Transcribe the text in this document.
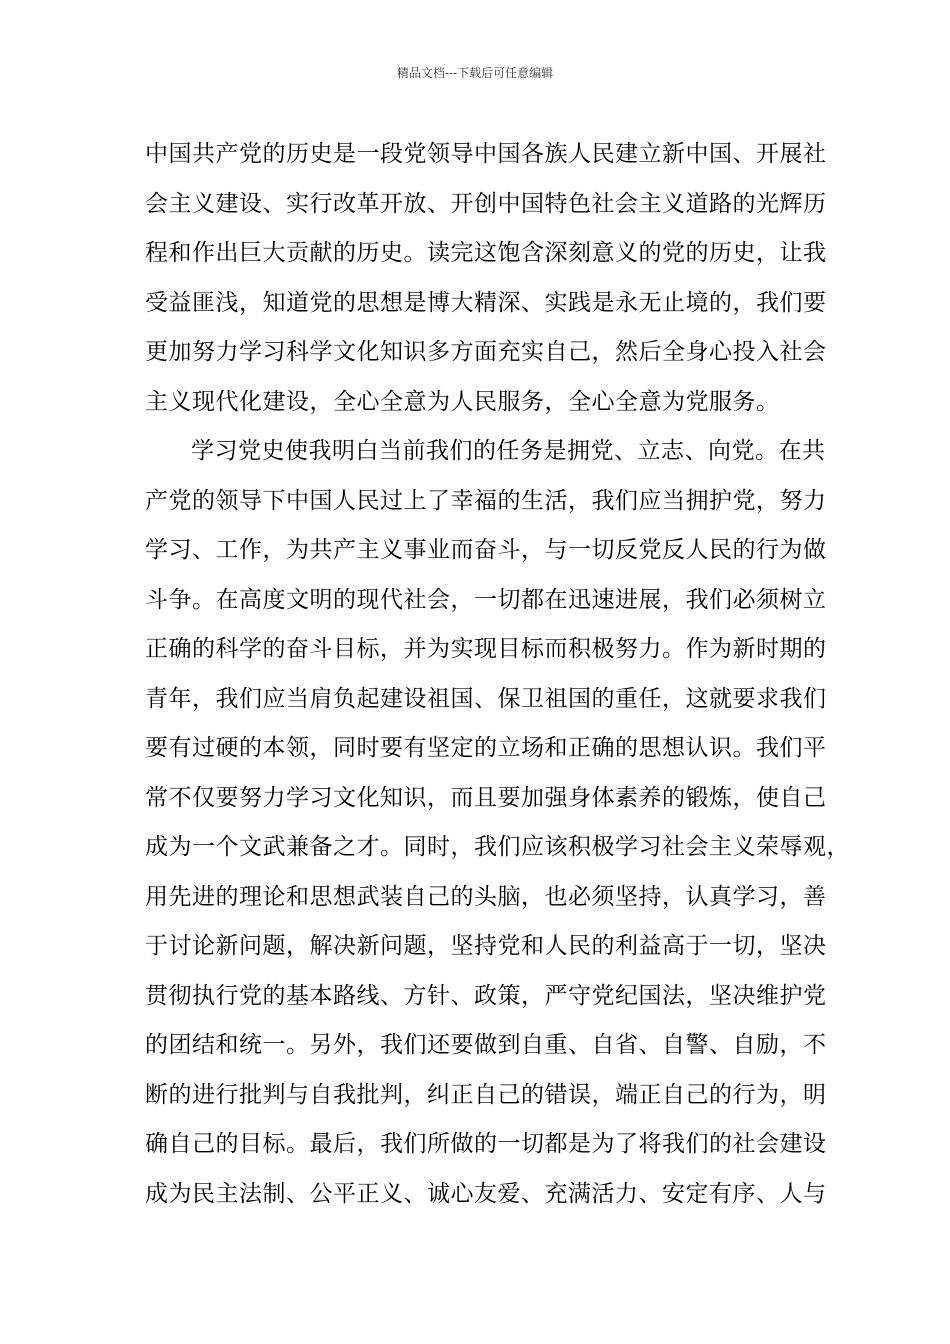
精品文档---下载后可任意编辑
中国共产党的历史是一段党领导中国各族人民建立新中国、开展社
会主义建设、实行改革开放、开创中国特色社会主义道路的光辉历
程和作出巨大贡献的历史。读完这饱含深刻意义的党的历史，让我
受益匪浅，知道党的思想是博大精深、实践是永无止境的，我们要
更加努力学习科学文化知识多方面充实自己，然后全身心投入社会
主义现代化建设，全心全意为人民服务，全心全意为党服务。
学习党史使我明白当前我们的任务是拥党、立志、向党。在共
产党的领导下中国人民过上了幸福的生活，我们应当拥护党，努力
学习、工作，为共产主义事业而奋斗，与一切反党反人民的行为做
斗争。在高度文明的现代社会，一切都在迅速进展，我们必须树立
正确的科学的奋斗目标，并为实现目标而积极努力。作为新时期的
青年，我们应当肩负起建设祖国、保卫祖国的重任，这就要求我们
要有过硬的本领，同时要有坚定的立场和正确的思想认识。我们平
常不仅要努力学习文化知识，而且要加强身体素养的锻炼，使自己
成为一个文武兼备之才。同时，我们应该积极学习社会主义荣辱观，
用先进的理论和思想武装自己的头脑，也必须坚持，认真学习，善
于讨论新问题，解决新问题，坚持党和人民的利益高于一切，坚决
贯彻执行党的基本路线、方针、政策，严守党纪国法，坚决维护党
的团结和统一。另外，我们还要做到自重、自省、自警、自励，不
断的进行批判与自我批判，纠正自己的错误，端正自己的行为，明
确自己的目标。最后，我们所做的一切都是为了将我们的社会建设
成为民主法制、公平正义、诚心友爱、充满活力、安定有序、人与
